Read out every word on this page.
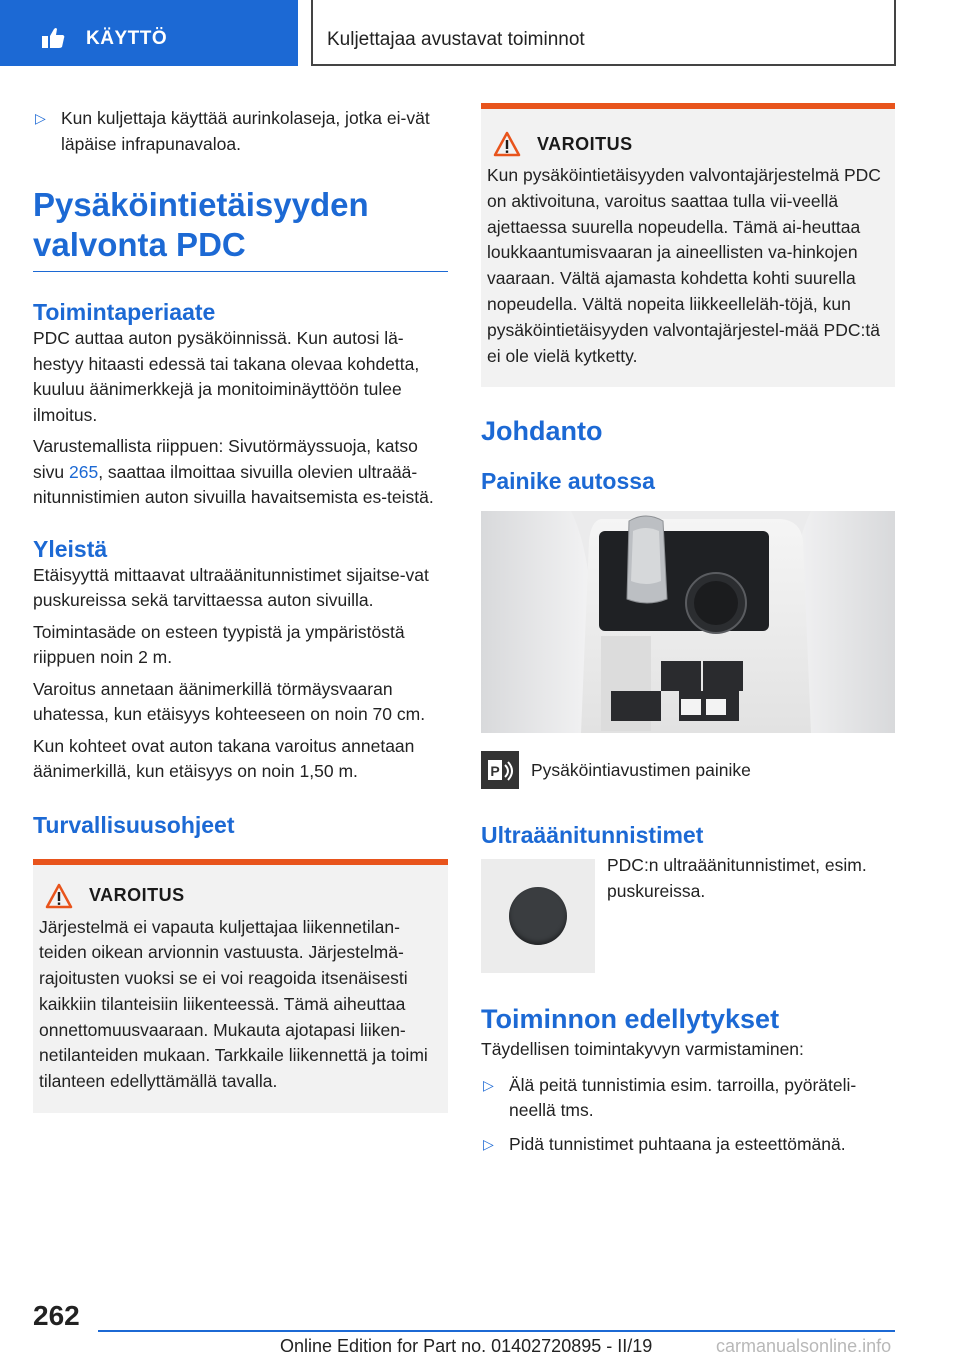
KÄYTTÖ	Kuljettajaa avustavat toiminnot
▷ Kun kuljettaja käyttää aurinkolaseja, jotka ei-vät läpäise infrapunavaloa.
Pysäköintietäisyyden valvonta PDC
Toimintaperiaate

PDC auttaa auton pysäköinnissä. Kun autosi lä-hestyy hitaasti edessä tai takana olevaa kohdetta, kuuluu äänimerkkejä ja monitoiminäyttöön tulee ilmoitus.

Varustemallista riippuen: Sivutörmäyssuoja, katso sivu 265, saattaa ilmoittaa sivuilla olevien ultraää-nitunnistimien auton sivuilla havaitsemista es-teistä.

Yleistä

Etäisyyttä mittaavat ultraäänitunnistimet sijaitse-vat puskureissa sekä tarvittaessa auton sivuilla.

Toimintasäde on esteen tyypistä ja ympäristöstä riippuen noin 2 m.

Varoitus annetaan äänimerkillä törmäysvaaran uhatessa, kun etäisyys kohteeseen on noin 70 cm.

Kun kohteet ovat auton takana varoitus annetaan äänimerkillä, kun etäisyys on noin 1,50 m.

Turvallisuusohjeet
VAROITUS

Järjestelmä ei vapauta kuljettajaa liikennetilan-teiden oikean arvionnin vastuusta. Järjestelmä-rajoitusten vuoksi se ei voi reagoida itsenäisesti kaikkiin tilanteisiin liikenteessä. Tämä aiheuttaa onnettomuusvaaraan. Mukauta ajotapasi liiken-netilanteiden mukaan. Tarkkaile liikennettä ja toimi tilanteen edellyttämällä tavalla.

VAROITUS

Kun pysäköintietäisyyden valvontajärjestelmä PDC on aktivoituna, varoitus saattaa tulla vii-veellä ajettaessa suurella nopeudella. Tämä ai-heuttaa loukkaantumisvaaran ja aineellisten va-hinkojen vaaraan. Vältä ajamasta kohdetta kohti suurella nopeudella. Vältä nopeita liikkeelleläh-töjä, kun pysäköintietäisyyden valvontajärjestel-mää PDC:tä ei ole vielä kytketty.

Johdanto
Painike autossa
P Pysäköintiavustimen painike
Ultraäänitunnistimet
PDC:n ultraäänitunnistimet, esim. puskureissa.
Toiminnon edellytykset

Täydellisen toimintakyvyn varmistaminen:

▷ Älä peitä tunnistimia esim. tarroilla, pyöräteli-neellä tms.
▷ Pidä tunnistimet puhtaana ja esteettömänä.
262
Online Edition for Part no. 01402720895 - II/19	carmanualsonline.info
